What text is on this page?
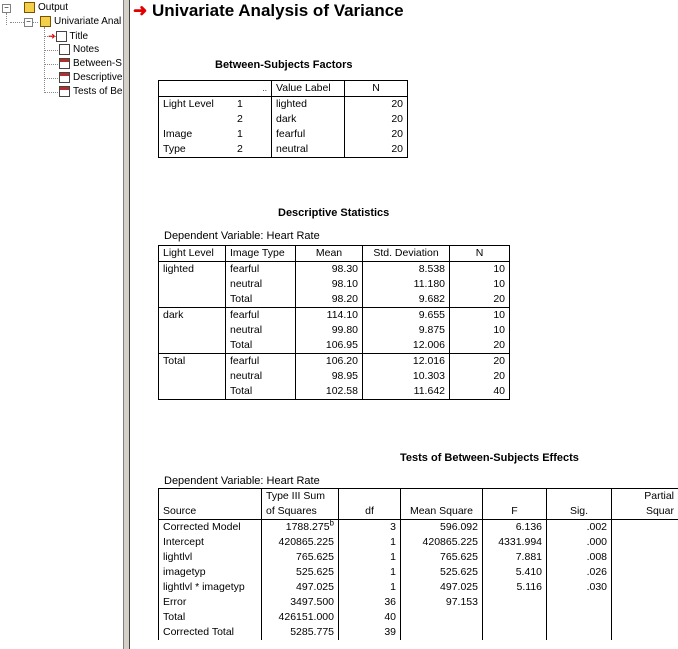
−	Output
−	Univariate Anal
➜ Title
Notes
Between-S
Descriptive
Tests of Be
➜ Univariate Analysis of Variance
Between-Subjects Factors
	..	Value Label	N
Light Level	1	lighted	20
	2	dark	20
Image	1	fearful	20
Type	2	neutral	20
Descriptive Statistics
Dependent Variable: Heart Rate
Light Level	Image Type	Mean	Std. Deviation	N
lighted	fearful	98.30	8.538	10
	neutral	98.10	11.180	10
	Total	98.20	9.682	20
dark	fearful	114.10	9.655	10
	neutral	99.80	9.875	10
	Total	106.95	12.006	20
Total	fearful	106.20	12.016	20
	neutral	98.95	10.303	20
	Total	102.58	11.642	40
Tests of Between-Subjects Effects
Dependent Variable: Heart Rate
	Type III Sum					Partial
Source	of Squares	df	Mean Square	F	Sig.	Squar
Corrected Model	1788.275$^b$	3	596.092	6.136	.002	
Intercept	420865.225	1	420865.225	4331.994	.000	
lightlvl	765.625	1	765.625	7.881	.008	
imagetyp	525.625	1	525.625	5.410	.026	
lightlvl * imagetyp	497.025	1	497.025	5.116	.030	
Error	3497.500	36	97.153			
Total	426151.000	40				
Corrected Total	5285.775	39				
